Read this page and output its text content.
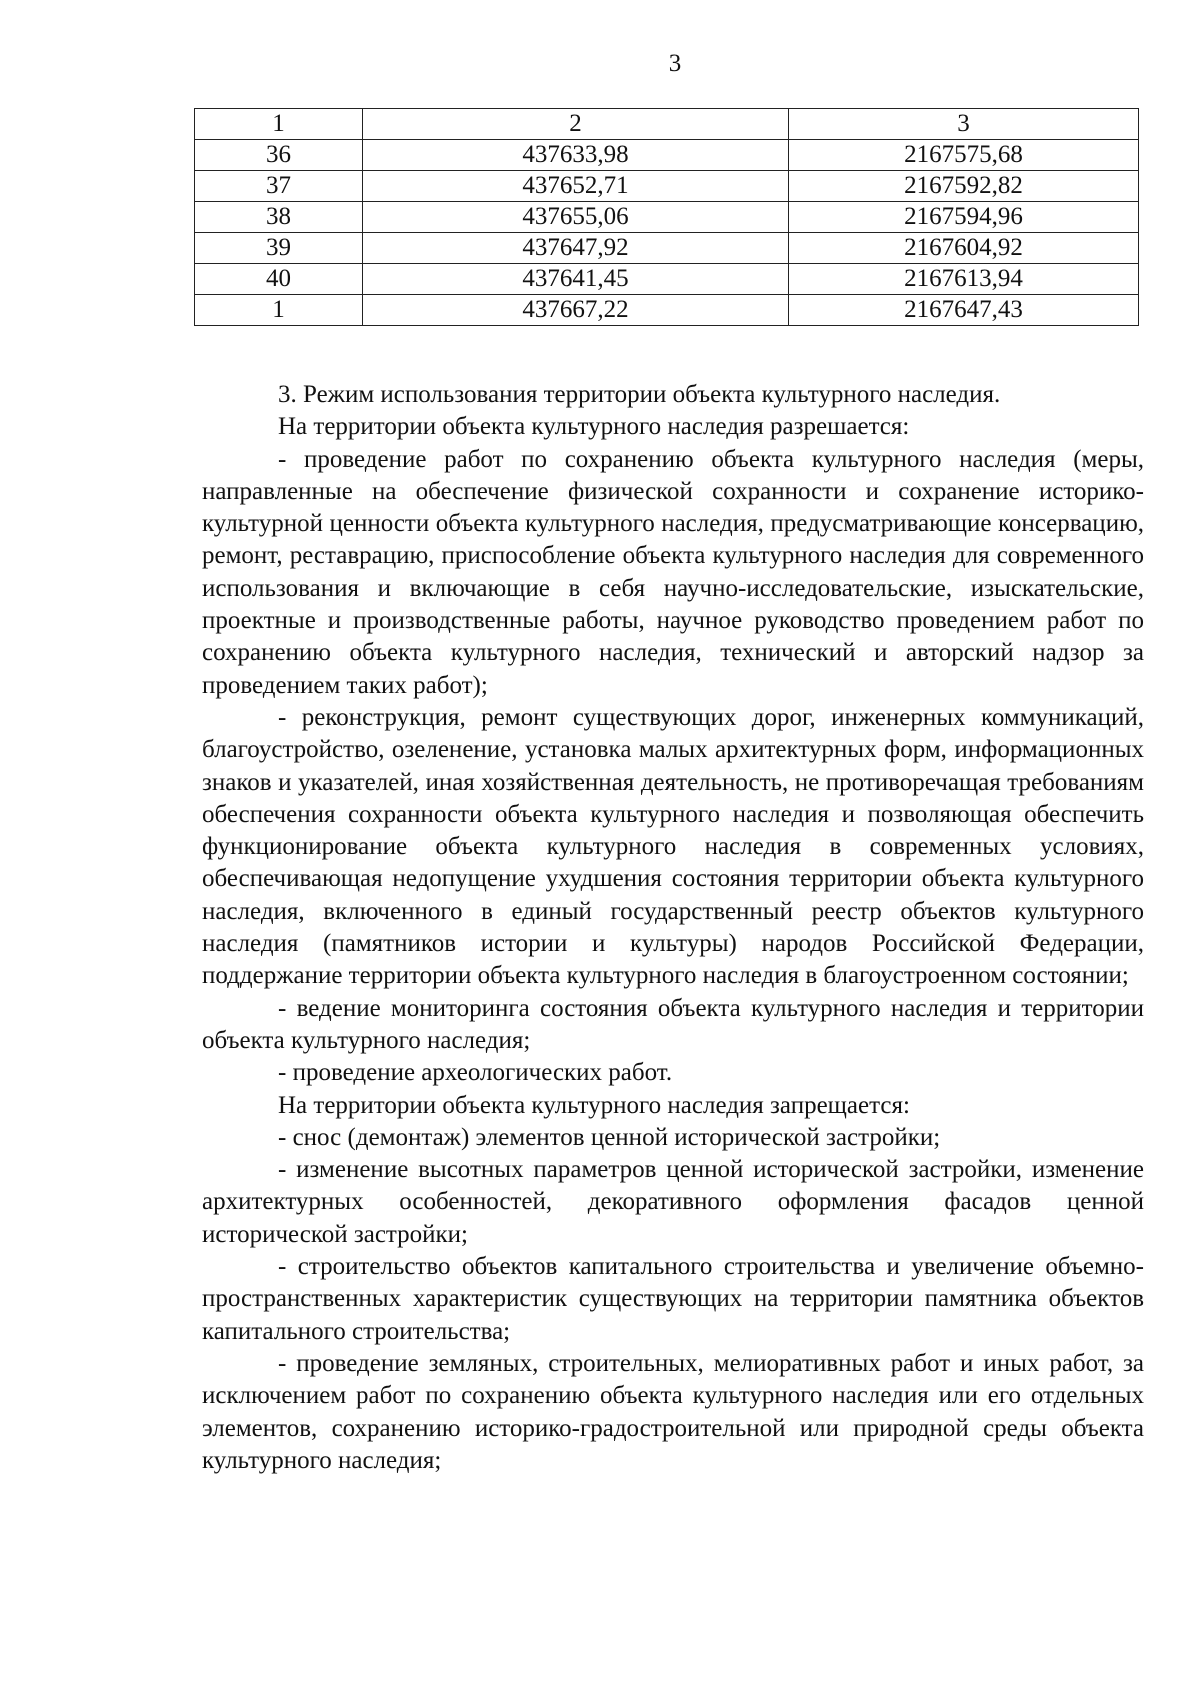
3
1	2	3
36	437633,98	2167575,68
37	437652,71	2167592,82
38	437655,06	2167594,96
39	437647,92	2167604,92
40	437641,45	2167613,94
1	437667,22	2167647,43

3. Режим использования территории объекта культурного наследия.

На территории объекта культурного наследия разрешается:

- проведение работ по сохранению объекта культурного наследия (меры, направленные на обеспечение физической сохранности и сохранение историко-культурной ценности объекта культурного наследия, предусматривающие консервацию, ремонт, реставрацию, приспособление объекта культурного наследия для современного использования и включающие в себя научно-исследовательские, изыскательские, проектные и производственные работы, научное руководство проведением работ по сохранению объекта культурного наследия, технический и авторский надзор за проведением таких работ);

- реконструкция, ремонт существующих дорог, инженерных коммуникаций, благоустройство, озеленение, установка малых архитектурных форм, информационных знаков и указателей, иная хозяйственная деятельность, не противоречащая требованиям обеспечения сохранности объекта культурного наследия и позволяющая обеспечить функционирование объекта культурного наследия в современных условиях, обеспечивающая недопущение ухудшения состояния территории объекта культурного наследия, включенного в единый государственный реестр объектов культурного наследия (памятников истории и культуры) народов Российской Федерации, поддержание территории объекта культурного наследия в благоустроенном состоянии;

- ведение мониторинга состояния объекта культурного наследия и территории объекта культурного наследия;

- проведение археологических работ.

На территории объекта культурного наследия запрещается:

- снос (демонтаж) элементов ценной исторической застройки;

- изменение высотных параметров ценной исторической застройки, изменение архитектурных особенностей, декоративного оформления фасадов ценной исторической застройки;

- строительство объектов капитального строительства и увеличение объемно-пространственных характеристик существующих на территории памятника объектов капитального строительства;

- проведение земляных, строительных, мелиоративных работ и иных работ, за исключением работ по сохранению объекта культурного наследия или его отдельных элементов, сохранению историко-градостроительной или природной среды объекта культурного наследия;
